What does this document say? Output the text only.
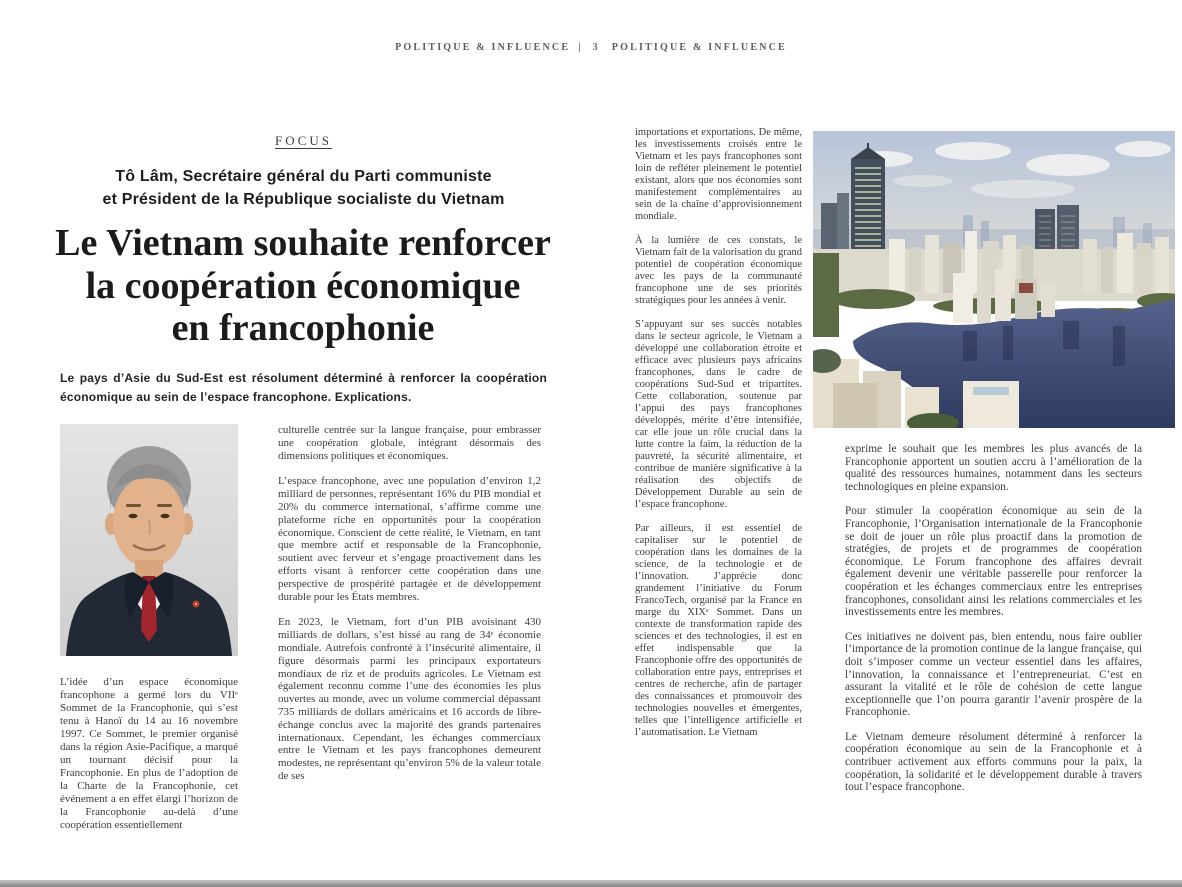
POLITIQUE & INFLUENCE | 3 POLITIQUE & INFLUENCE
FOCUS
Tô Lâm, Secrétaire général du Parti communiste
et Président de la République socialiste du Vietnam
Le Vietnam souhaite renforcer
la coopération économique
en francophonie
Le pays d’Asie du Sud-Est est résolument déterminé à renforcer la coopération économique au sein de l’espace francophone. Explications.

L’idée d’un espace économique francophone a germé lors du VIIᵉ Sommet de la Francophonie, qui s’est tenu à Hanoï du 14 au 16 novembre 1997. Ce Sommet, le premier organisé dans la région Asie-Pacifique, a marqué un tournant décisif pour la Francophonie. En plus de l’adoption de la Charte de la Francophonie, cet événement a en effet élargi l’horizon de la Francophonie au-delà d’une coopération essentiellement

culturelle centrée sur la langue française, pour embrasser une coopération globale, intégrant désormais des dimensions politiques et économiques.

L’espace francophone, avec une population d’environ 1,2 milliard de personnes, représentant 16% du PIB mondial et 20% du commerce international, s’affirme comme une plateforme riche en opportunités pour la coopération économique. Conscient de cette réalité, le Vietnam, en tant que membre actif et responsable de la Francophonie, soutient avec ferveur et s’engage proactivement dans les efforts visant à renforcer cette coopération dans une perspective de prospérité partagée et de développement durable pour les États membres.

En 2023, le Vietnam, fort d’un PIB avoisinant 430 milliards de dollars, s’est hissé au rang de 34ᵉ économie mondiale. Autrefois confronté à l’insécurité alimentaire, il figure désormais parmi les principaux exportateurs mondiaux de riz et de produits agricoles. Le Vietnam est également reconnu comme l’une des économies les plus ouvertes au monde, avec un volume commercial dépassant 735 milliards de dollars américains et 16 accords de libre-échange conclus avec la majorité des grands partenaires internationaux. Cependant, les échanges commerciaux entre le Vietnam et les pays francophones demeurent modestes, ne représentant qu’environ 5% de la valeur totale de ses

importations et exportations. De même, les investissements croisés entre le Vietnam et les pays francophones sont loin de refléter pleinement le potentiel existant, alors que nos économies sont manifestement complémentaires au sein de la chaîne d’approvisionnement mondiale.

À la lumière de ces constats, le Vietnam fait de la valorisation du grand potentiel de coopération économique avec les pays de la communauté francophone une de ses priorités stratégiques pour les années à venir.

S’appuyant sur ses succès notables dans le secteur agricole, le Vietnam a développé une collaboration étroite et efficace avec plusieurs pays africains francophones, dans le cadre de coopérations Sud-Sud et tripartites. Cette collaboration, soutenue par l’appui des pays francophones développés, mérite d’être intensifiée, car elle joue un rôle crucial dans la lutte contre la faim, la réduction de la pauvreté, la sécurité alimentaire, et contribue de manière significative à la réalisation des objectifs de Développement Durable au sein de l’espace francophone.

Par ailleurs, il est essentiel de capitaliser sur le potentiel de coopération dans les domaines de la science, de la technologie et de l’innovation. J’apprécie donc grandement l’initiative du Forum FrancoTech, organisé par la France en marge du XIXᵉ Sommet. Dans un contexte de transformation rapide des sciences et des technologies, il est en effet indispensable que la Francophonie offre des opportunités de collaboration entre pays, entreprises et centres de recherche, afin de partager des connaissances et promouvoir des technologies nouvelles et émergentes, telles que l’intelligence artificielle et l’automatisation. Le Vietnam

exprime le souhait que les membres les plus avancés de la Francophonie apportent un soutien accru à l’amélioration de la qualité des ressources humaines, notamment dans les secteurs technologiques en pleine expansion.

Pour stimuler la coopération économique au sein de la Francophonie, l’Organisation internationale de la Francophonie se doit de jouer un rôle plus proactif dans la promotion de stratégies, de projets et de programmes de coopération économique. Le Forum francophone des affaires devrait également devenir une véritable passerelle pour renforcer la coopération et les échanges commerciaux entre les entreprises francophones, consolidant ainsi les relations commerciales et les investissements entre les membres.

Ces initiatives ne doivent pas, bien entendu, nous faire oublier l’importance de la promotion continue de la langue française, qui doit s’imposer comme un vecteur essentiel dans les affaires, l’innovation, la connaissance et l’entrepreneuriat. C’est en assurant la vitalité et le rôle de cohésion de cette langue exceptionnelle que l’on pourra garantir l’avenir prospère de la Francophonie.

Le Vietnam demeure résolument déterminé à renforcer la coopération économique au sein de la Francophonie et à contribuer activement aux efforts communs pour la paix, la coopération, la solidarité et le développement durable à travers tout l’espace francophone.
